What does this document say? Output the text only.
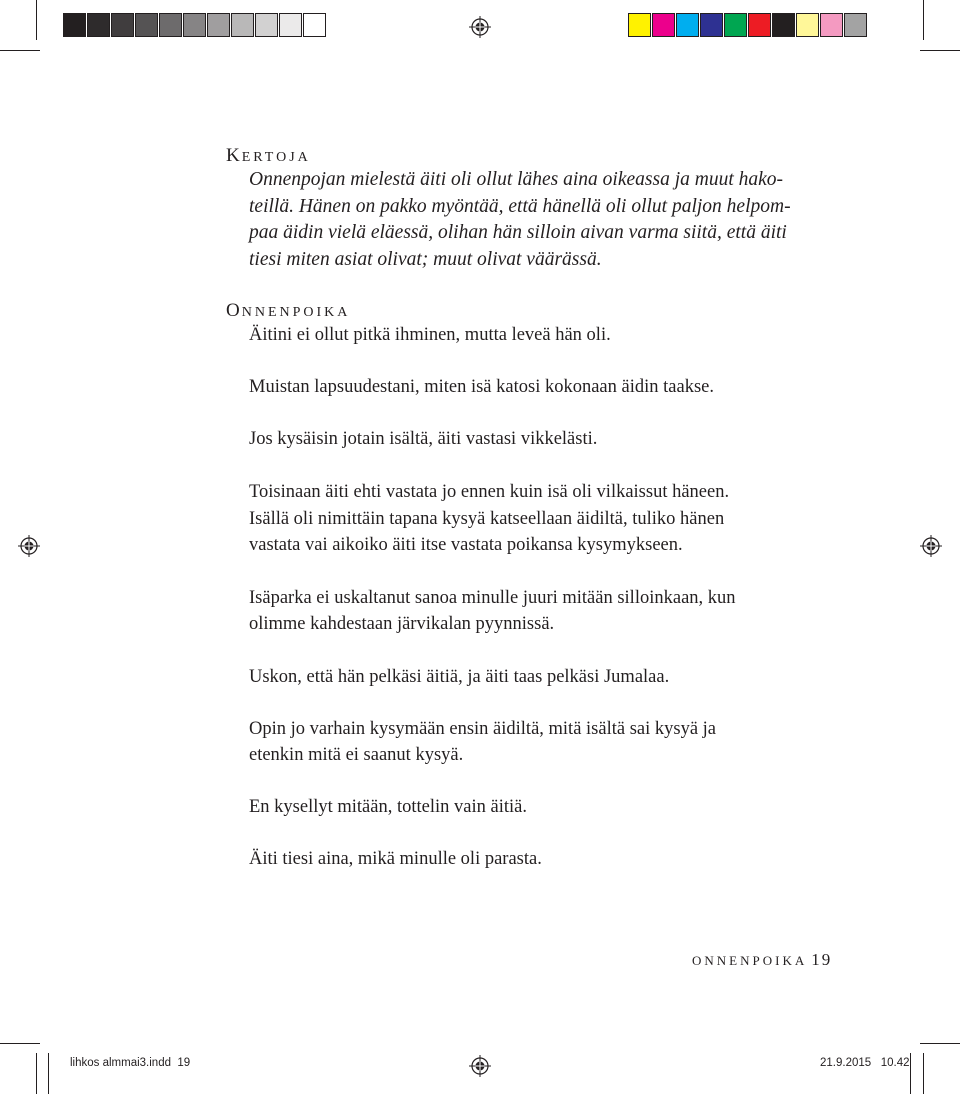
KERTOJA

Onnenpojan mielestä äiti oli ollut lähes aina oikeassa ja muut hako-
teillä. Hänen on pakko myöntää, että hänellä oli ollut paljon helpom-
paa äidin vielä eläessä, olihan hän silloin aivan varma siitä, että äiti
tiesi miten asiat olivat; muut olivat väärässä.

ONNENPOIKA

Äitini ei ollut pitkä ihminen, mutta leveä hän oli.

Muistan lapsuudestani, miten isä katosi kokonaan äidin taakse.

Jos kysäisin jotain isältä, äiti vastasi vikkelästi.

Toisinaan äiti ehti vastata jo ennen kuin isä oli vilkaissut häneen.

Isällä oli nimittäin tapana kysyä katseellaan äidiltä, tuliko hänen

vastata vai aikoiko äiti itse vastata poikansa kysymykseen.

Isäparka ei uskaltanut sanoa minulle juuri mitään silloinkaan, kun

olimme kahdestaan järvikalan pyynnissä.

Uskon, että hän pelkäsi äitiä, ja äiti taas pelkäsi Jumalaa.

Opin jo varhain kysymään ensin äidiltä, mitä isältä sai kysyä ja

etenkin mitä ei saanut kysyä.

En kysellyt mitään, tottelin vain äitiä.

Äiti tiesi aina, mikä minulle oli parasta.

ONNENPOIKA 19
lihkos almmai3.indd 19	21.9.2015 10.42
